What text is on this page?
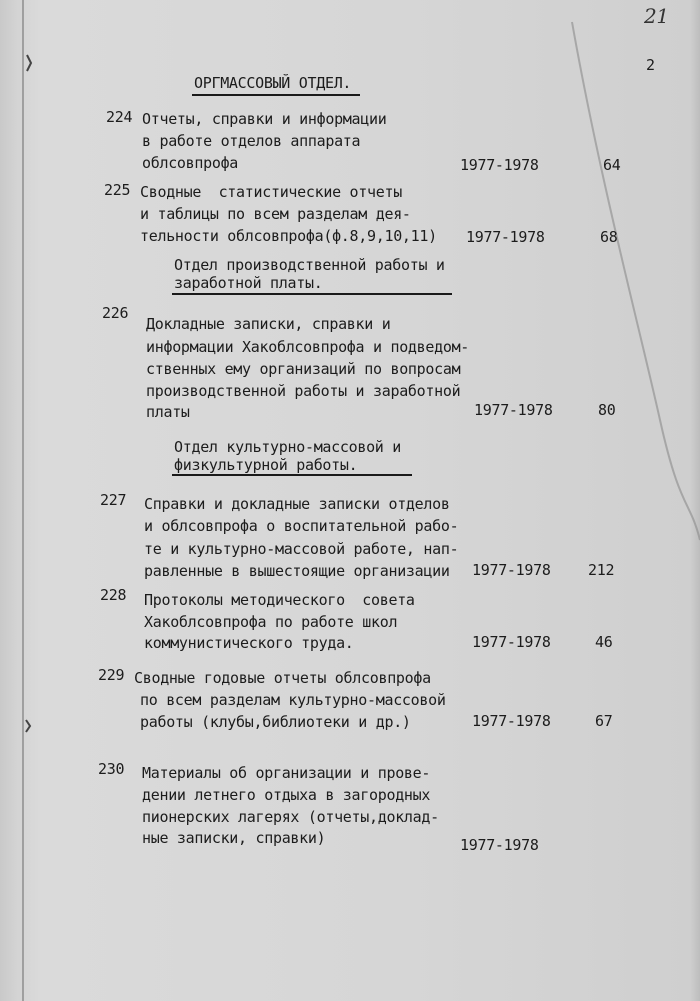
21
2
ОРГМАССОВЫЙ ОТДЕЛ.
224 Отчеты, справки и информации
в работе отделов аппарата
облсовпрофа	1977-1978	64
225 Сводные  статистические отчеты
и таблицы по всем разделам дея-
тельности облсовпрофа(ф.8,9,10,11) 1977-1978	68
Отдел производственной работы и
заработной платы.
226
Докладные записки, справки и
информации Хакоблсовпрофа и подведом-
ственных ему организаций по вопросам
производственной работы и заработной
платы	1977-1978	80
Отдел культурно-массовой и
физкультурной работы.
227 Справки и докладные записки отделов
и облсовпрофа о воспитательной рабо-
те и культурно-массовой работе, нап-
равленные в вышестоящие организации 1977-1978 212
228 Протоколы методического  совета
Хакоблсовпрофа по работе школ
коммунистического труда.	1977-1978	46
229 Сводные годовые отчеты облсовпрофа
по всем разделам культурно-массовой
работы (клубы,библиотеки и др.)	1977-1978	67
230 Материалы об организации и прове-
дении летнего отдыха в загородных
пионерских лагерях (отчеты,доклад-
ные записки, справки)	1977-1978
